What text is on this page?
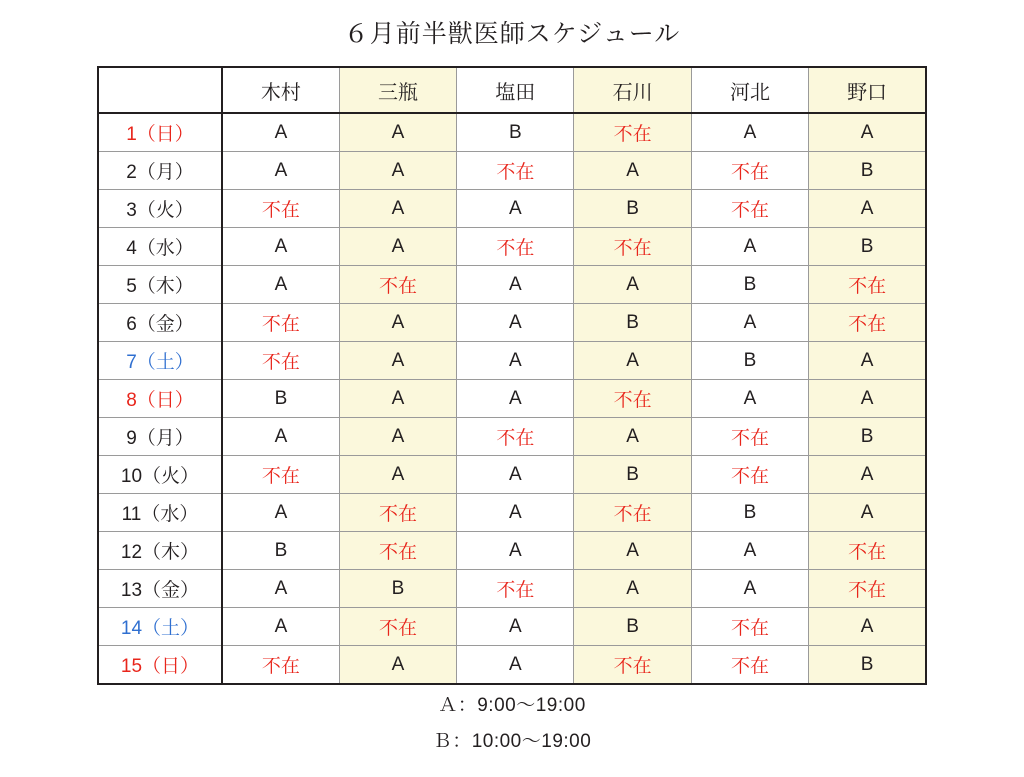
６月前半獣医師スケジュール
	木村	三瓶	塩田	石川	河北	野口
1（日）	A	A	B	不在	A	A
2（月）	A	A	不在	A	不在	B
3（火）	不在	A	A	B	不在	A
4（水）	A	A	不在	不在	A	B
5（木）	A	不在	A	A	B	不在
6（金）	不在	A	A	B	A	不在
7（土）	不在	A	A	A	B	A
8（日）	B	A	A	不在	A	A
9（月）	A	A	不在	A	不在	B
10（火）	不在	A	A	B	不在	A
11（水）	A	不在	A	不在	B	A
12（木）	B	不在	A	A	A	不在
13（金）	A	B	不在	A	A	不在
14（土）	A	不在	A	B	不在	A
15（日）	不在	A	A	不在	不在	B
Ａ：9:00〜19:00
Ｂ：10:00〜19:00
